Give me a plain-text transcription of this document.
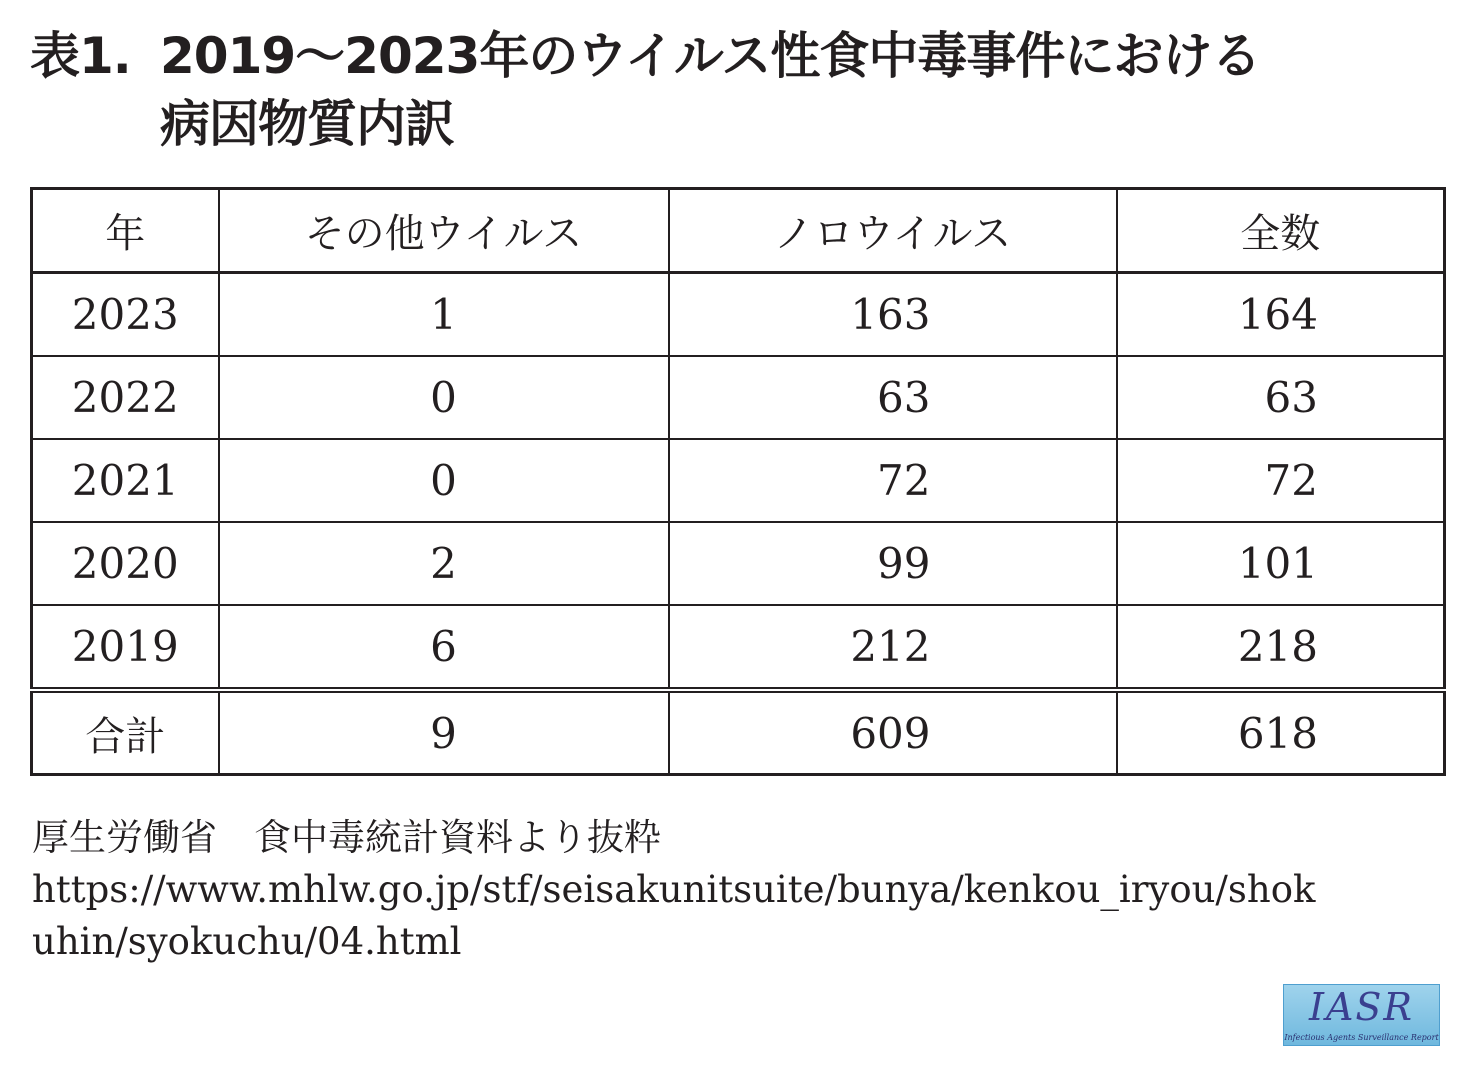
表1. 2019〜2023年のウイルス性食中毒事件における
病因物質内訳
年	その他ウイルス	ノロウイルス	全数
2023	1	163	164
2022	0	63	63
2021	0	72	72
2020	2	99	101
2019	6	212	218
合計	9	609	618
厚生労働省　食中毒統計資料より抜粋
https://www.mhlw.go.jp/stf/seisakunitsuite/bunya/kenkou_iryou/shokuhin/syokuchu/04.html
IASR
Infectious Agents Surveillance Report
